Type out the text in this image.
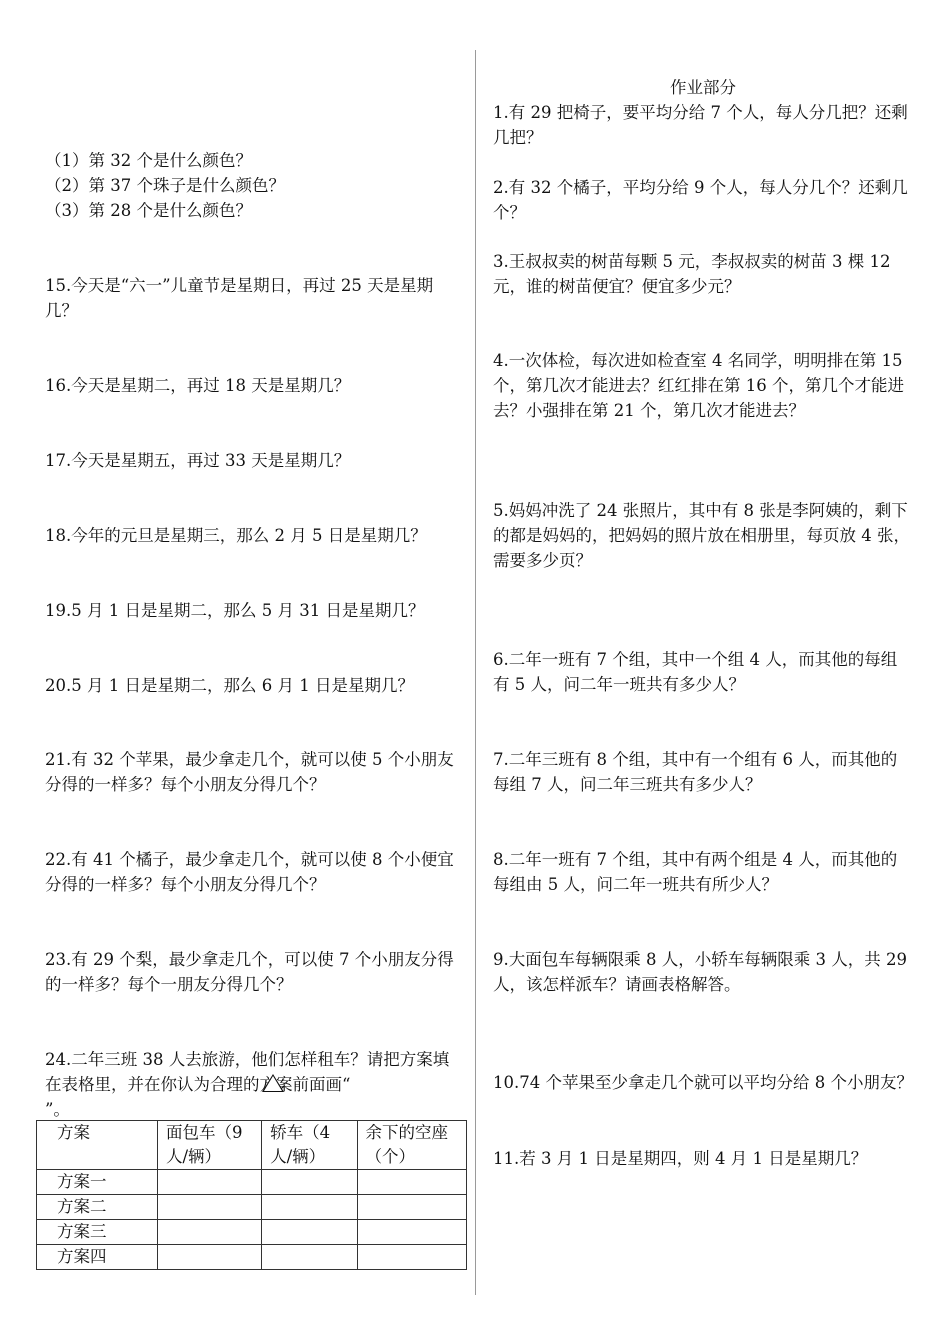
（1）第 32 个是什么颜色？

（2）第 37 个珠子是什么颜色？

（3）第 28 个是什么颜色？

15.今天是“六一”儿童节是星期日，再过 25 天是星期几？

16.今天是星期二，再过 18 天是星期几？

17.今天是星期五，再过 33 天是星期几？

18.今年的元旦是星期三，那么 2 月 5 日是星期几？

19.5 月 1 日是星期二，那么 5 月 31 日是星期几？

20.5 月 1 日是星期二，那么 6 月 1 日是星期几？

21.有 32 个苹果，最少拿走几个，就可以使 5 个小朋友分得的一样多？每个小朋友分得几个？

22.有 41 个橘子，最少拿走几个，就可以使 8 个小便宜分得的一样多？每个小朋友分得几个？

23.有 29 个梨，最少拿走几个，可以使 7 个小朋友分得的一样多？每个一朋友分得几个？

24.二年三班 38 人去旅游，他们怎样租车？请把方案填在表格里，并在你认为合理的方案前面画“
”。

方案	面包车（9 人/辆）	轿车（4 人/辆）	余下的空座（个）
方案一			
方案二			
方案三			
方案四			
作业部分

1.有 29 把椅子，要平均分给 7 个人，每人分几把？还剩几把？

2.有 32 个橘子，平均分给 9 个人，每人分几个？还剩几个？

3.王叔叔卖的树苗每颗 5 元，李叔叔卖的树苗 3 棵 12 元，谁的树苗便宜？便宜多少元？

4.一次体检，每次进如检查室 4 名同学，明明排在第 15 个，第几次才能进去？红红排在第 16 个，第几个才能进去？小强排在第 21 个，第几次才能进去？

5.妈妈冲洗了 24 张照片，其中有 8 张是李阿姨的，剩下的都是妈妈的，把妈妈的照片放在相册里，每页放 4 张，需要多少页？

6.二年一班有 7 个组，其中一个组 4 人，而其他的每组有 5 人，问二年一班共有多少人？

7.二年三班有 8 个组，其中有一个组有 6 人，而其他的每组 7 人，问二年三班共有多少人？

8.二年一班有 7 个组，其中有两个组是 4 人，而其他的每组由 5 人，问二年一班共有所少人？

9.大面包车每辆限乘 8 人，小轿车每辆限乘 3 人，共 29 人，该怎样派车？请画表格解答。

10.74 个苹果至少拿走几个就可以平均分给 8 个小朋友？

11.若 3 月 1 日是星期四，则 4 月 1 日是星期几？
